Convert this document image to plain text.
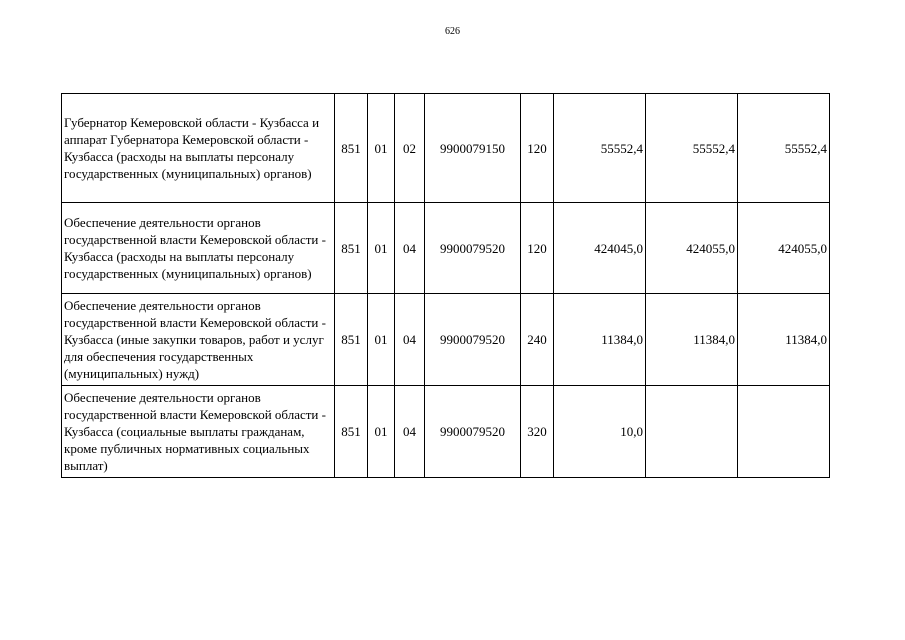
626
Губернатор Кемеровской области - Кузбасса и аппарат Губернатора Кемеровской области - Кузбасса (расходы на выплаты персоналу государственных (муниципальных) органов)	851	01	02	9900079150	120	55552,4	55552,4	55552,4
Обеспечение деятельности органов государственной власти Кемеровской области - Кузбасса (расходы на выплаты персоналу государственных (муниципальных) органов)	851	01	04	9900079520	120	424045,0	424055,0	424055,0
Обеспечение деятельности органов государственной власти Кемеровской области - Кузбасса (иные закупки товаров, работ и услуг для обеспечения государственных (муниципальных) нужд)	851	01	04	9900079520	240	11384,0	11384,0	11384,0
Обеспечение деятельности органов государственной власти Кемеровской области - Кузбасса (социальные выплаты гражданам, кроме публичных нормативных социальных выплат)	851	01	04	9900079520	320	10,0		
